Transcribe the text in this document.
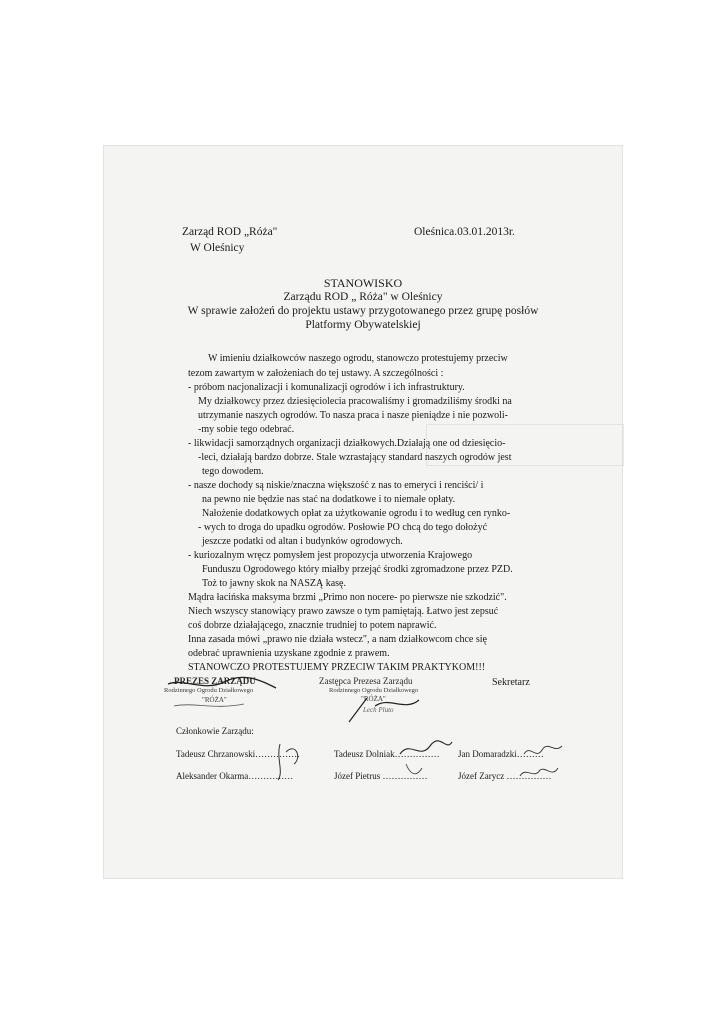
Zarząd ROD „Róża"
W Oleśnicy
Oleśnica.03.01.2013r.

STANOWISKO
Zarządu ROD „ Róża" w Oleśnicy
W sprawie założeń do projektu ustawy przygotowanego przez grupę posłów
Platformy Obywatelskiej
W imieniu działkowców naszego ogrodu, stanowczo protestujemy przeciw
tezom zawartym w założeniach do tej ustawy. A szczególności :
- próbom nacjonalizacji i komunalizacji ogrodów i ich infrastruktury.
My działkowcy przez dziesięciolecia pracowaliśmy i gromadziliśmy środki na
utrzymanie naszych ogrodów. To nasza praca i nasze pieniądze i nie pozwoli-
-my sobie tego odebrać.
- likwidacji samorządnych organizacji działkowych.Działają one od dziesięcio-
-leci, działają bardzo dobrze. Stale wzrastający standard naszych ogrodów jest
tego dowodem.
- nasze dochody są niskie/znaczna większość z nas to emeryci i renciści/ i
na pewno nie będzie nas stać na dodatkowe i to niemałe opłaty.
Nałożenie dodatkowych opłat za użytkowanie ogrodu i to według cen rynko-
- wych to droga do upadku ogrodów. Posłowie PO chcą do tego dołożyć
jeszcze podatki od altan i budynków ogrodowych.
- kuriozalnym wręcz pomysłem jest propozycja utworzenia Krajowego
Funduszu Ogrodowego który miałby przejąć środki zgromadzone przez PZD.
Toż to jawny skok na NASZĄ kasę.
Mądra łacińska maksyma brzmi „Primo non nocere- po pierwsze nie szkodzić".
Niech wszyscy stanowiący prawo zawsze o tym pamiętają. Łatwo jest zepsuć
coś dobrze działającego, znacznie trudniej to potem naprawić.
Inna zasada mówi „prawo nie działa wstecz", a nam działkowcom chce się
odebrać uprawnienia uzyskane zgodnie z prawem.
STANOWCZO PROTESTUJEMY PRZECIW TAKIM PRAKTYKOM!!!
PREZES ZARZĄDU
Rodzinnego Ogrodu Działkowego
"RÓŻA"
Zastępca Prezesa Zarządu
Rodzinnego Ogrodu Działkowego
"RÓŻA"
Lech Pluto
Sekretarz
Członkowie Zarządu:
Tadeusz Chrzanowski……………	Tadeusz Dolniak…………… Jan Domaradzki………
Aleksander Okarma……………	Józef Pietrus ……………	Józef Zarycz ……………
